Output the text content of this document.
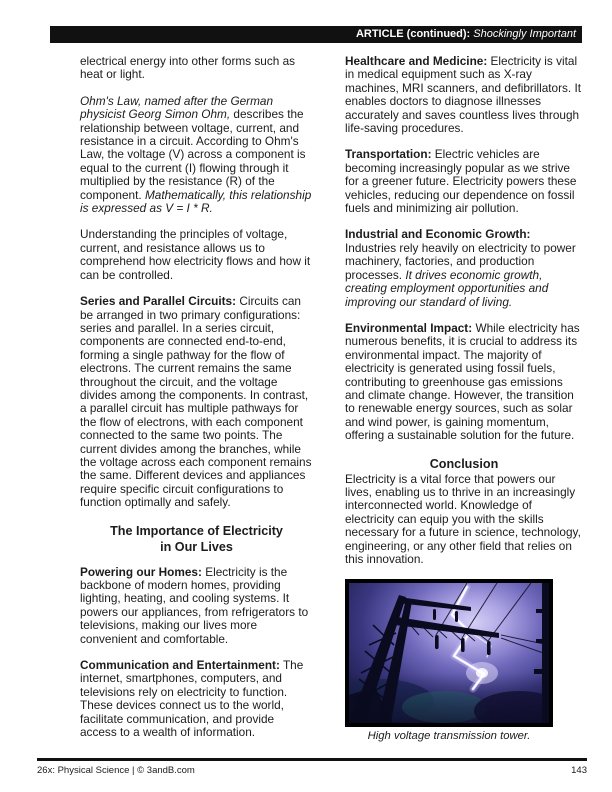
ARTICLE (continued): Shockingly Important

electrical energy into other forms such as heat or light.

Ohm's Law, named after the German physicist Georg Simon Ohm, describes the relationship between voltage, current, and resistance in a circuit. According to Ohm's Law, the voltage (V) across a component is equal to the current (I) flowing through it multiplied by the resistance (R) of the component. Mathematically, this relationship is expressed as V = I * R.

Understanding the principles of voltage, current, and resistance allows us to comprehend how electricity flows and how it can be controlled.

Series and Parallel Circuits: Circuits can be arranged in two primary configurations: series and parallel. In a series circuit, components are connected end-to-end, forming a single pathway for the flow of electrons. The current remains the same throughout the circuit, and the voltage divides among the components. In contrast, a parallel circuit has multiple pathways for the flow of electrons, with each component connected to the same two points. The current divides among the branches, while the voltage across each component remains the same. Different devices and appliances require specific circuit configurations to function optimally and safely.

The Importance of Electricity
in Our Lives

Powering our Homes: Electricity is the backbone of modern homes, providing lighting, heating, and cooling systems. It powers our appliances, from refrigerators to televisions, making our lives more convenient and comfortable.

Communication and Entertainment: The internet, smartphones, computers, and televisions rely on electricity to function. These devices connect us to the world, facilitate communication, and provide access to a wealth of information.

Healthcare and Medicine: Electricity is vital in medical equipment such as X-ray machines, MRI scanners, and defibrillators. It enables doctors to diagnose illnesses accurately and saves countless lives through life-saving procedures.

Transportation: Electric vehicles are becoming increasingly popular as we strive for a greener future. Electricity powers these vehicles, reducing our dependence on fossil fuels and minimizing air pollution.

Industrial and Economic Growth: Industries rely heavily on electricity to power machinery, factories, and production processes. It drives economic growth, creating employment opportunities and improving our standard of living.

Environmental Impact: While electricity has numerous benefits, it is crucial to address its environmental impact. The majority of electricity is generated using fossil fuels, contributing to greenhouse gas emissions and climate change. However, the transition to renewable energy sources, such as solar and wind power, is gaining momentum, offering a sustainable solution for the future.

Conclusion

Electricity is a vital force that powers our lives, enabling us to thrive in an increasingly interconnected world. Knowledge of electricity can equip you with the skills necessary for a future in science, technology, engineering, or any other field that relies on this innovation.

High voltage transmission tower.
26x: Physical Science | © 3andB.com	143
